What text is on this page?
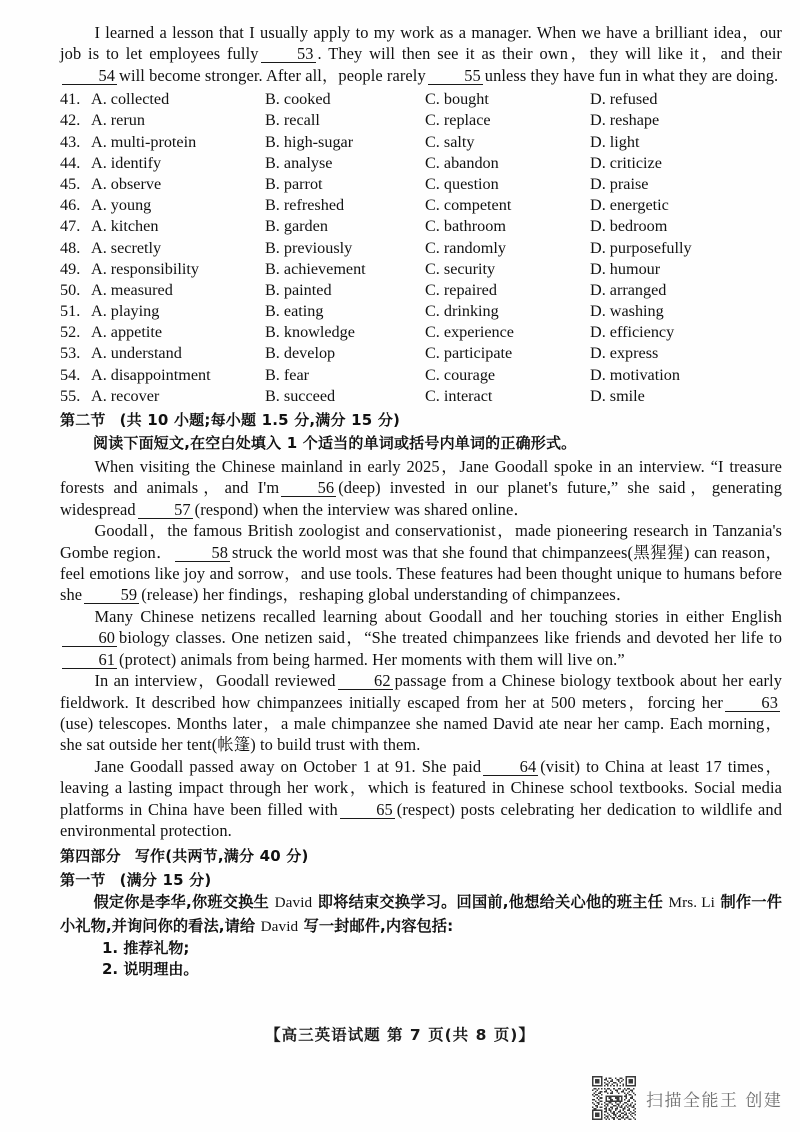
I learned a lesson that I usually apply to my work as a manager. When we have a brilliant idea，our job is to let employees fully 53 . They will then see it as their own，they will like it，and their54 will become stronger. After all，people rarely 55 unless they have fun in what they are doing.
41. A. collected	B. cooked	C. bought	D. refused
42. A. rerun	B. recall	C. replace	D. reshape
43. A. multi-protein	B. high-sugar	C. salty	D. light
44. A. identify	B. analyse	C. abandon	D. criticize
45. A. observe	B. parrot	C. question	D. praise
46. A. young	B. refreshed	C. competent	D. energetic
47. A. kitchen	B. garden	C. bathroom	D. bedroom
48. A. secretly	B. previously	C. randomly	D. purposefully
49. A. responsibility	B. achievement	C. security	D. humour
50. A. measured	B. painted	C. repaired	D. arranged
51. A. playing	B. eating	C. drinking	D. washing
52. A. appetite	B. knowledge	C. experience	D. efficiency
53. A. understand	B. develop	C. participate	D. express
54. A. disappointment	B. fear	C. courage	D. motivation
55. A. recover	B. succeed	C. interact	D. smile
第二节 (共 10 小题;每小题 1.5 分,满分 15 分)
阅读下面短文,在空白处填入 1 个适当的单词或括号内单词的正确形式。
When visiting the Chinese mainland in early 2025，Jane Goodall spoke in an interview. “I treasure forests and animals，and I'm 56 (deep) invested in our planet's future,” she said，generating widespread 57 (respond) when the interview was shared online．
Goodall，the famous British zoologist and conservationist，made pioneering research in Tanzania's Gombe region． 58 struck the world most was that she found that chimpanzees(黑猩猩) can reason，feel emotions like joy and sorrow，and use tools. These features had been thought unique to humans before she 59 (release) her findings，reshaping global understanding of chimpanzees．
Many Chinese netizens recalled learning about Goodall and her touching stories in either English60 biology classes. One netizen said，“She treated chimpanzees like friends and devoted her life to61 (protect) animals from being harmed. Her moments with them will live on.”
In an interview，Goodall reviewed 62 passage from a Chinese biology textbook about her early fieldwork. It described how chimpanzees initially escaped from her at 500 meters，forcing her 63(use) telescopes. Months later，a male chimpanzee she named David ate near her camp. Each morning，she sat outside her tent(帐篷) to build trust with them.
Jane Goodall passed away on October 1 at 91. She paid 64 (visit) to China at least 17 times，leaving a lasting impact through her work，which is featured in Chinese school textbooks. Social media platforms in China have been filled with 65 (respect) posts celebrating her dedication to wildlife and environmental protection.
第四部分 写作(共两节,满分 40 分)
第一节 (满分 15 分)
假定你是李华,你班交换生 David 即将结束交换学习。回国前,他想给关心他的班主任 Mrs. Li 制作一件小礼物,并询问你的看法,请给 David 写一封邮件,内容包括:
1. 推荐礼物;
2. 说明理由。
【高三英语试题 第 7 页(共 8 页)】
扫描全能王 创建
